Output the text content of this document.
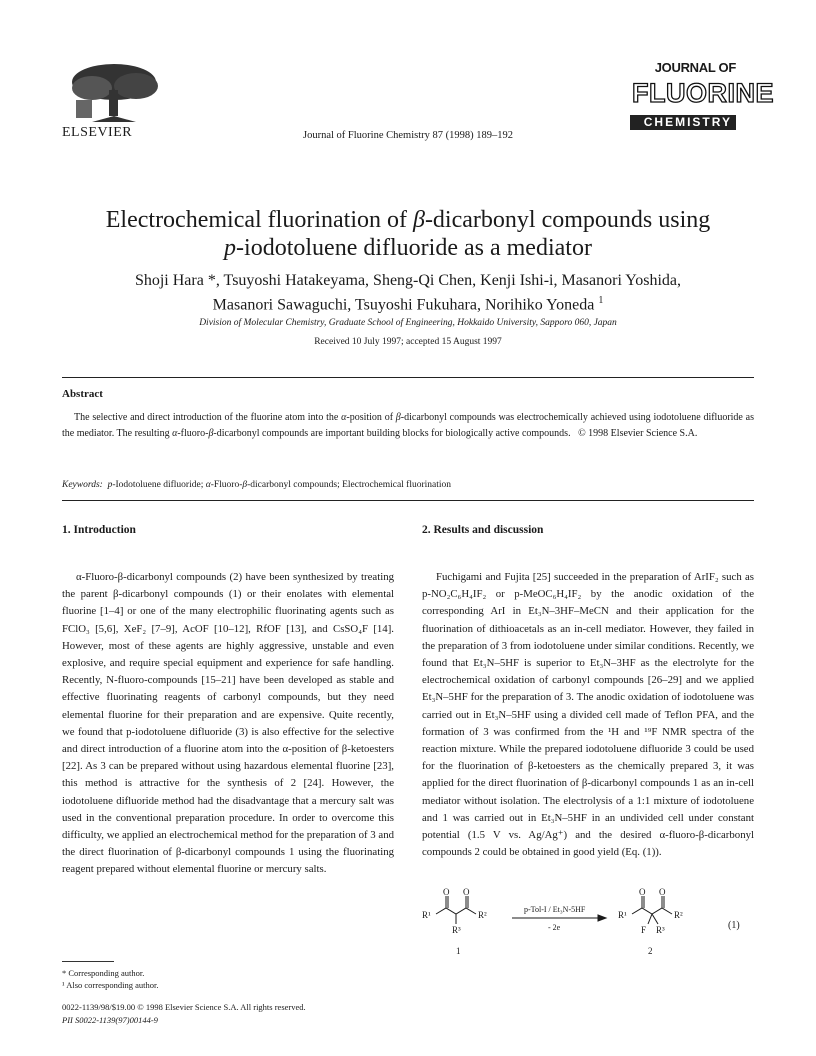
ELSEVIER	Journal of Fluorine Chemistry 87 (1998) 189–192
JOURNAL OF
FLUORINE
CHEMISTRY
Electrochemical fluorination of β-dicarbonyl compounds using
p-iodotoluene difluoride as a mediator
Shoji Hara *, Tsuyoshi Hatakeyama, Sheng-Qi Chen, Kenji Ishi-i, Masanori Yoshida,
Masanori Sawaguchi, Tsuyoshi Fukuhara, Norihiko Yoneda $^1$
Division of Molecular Chemistry, Graduate School of Engineering, Hokkaido University, Sapporo 060, Japan
Received 10 July 1997; accepted 15 August 1997
Abstract
The selective and direct introduction of the fluorine atom into the α-position of β-dicarbonyl compounds was electrochemically achieved using iodotoluene difluoride as the mediator. The resulting α-fluoro-β-dicarbonyl compounds are important building blocks for biologically active compounds. © 1998 Elsevier Science S.A.
Keywords: p-Iodotoluene difluoride; α-Fluoro-β-dicarbonyl compounds; Electrochemical fluorination
1. Introduction	2. Results and discussion

α-Fluoro-β-dicarbonyl compounds (2) have been synthesized by treating the parent β-dicarbonyl compounds (1) or their enolates with elemental fluorine [1–4] or one of the many electrophilic fluorinating agents such as FClO₃ [5,6], XeF₂ [7–9], AcOF [10–12], RfOF [13], and CsSO₄F [14]. However, most of these agents are highly aggressive, unstable and even explosive, and require special equipment and experience for safe handling. Recently, N-fluoro-compounds [15–21] have been developed as stable and effective fluorinating reagents of carbonyl compounds, but they need elemental fluorine for their preparation and are expensive. Quite recently, we found that p-iodotoluene difluoride (3) is also effective for the selective and direct introduction of a fluorine atom into the α-position of β-ketoesters [22]. As 3 can be prepared without using hazardous elemental fluorine [23], this method is attractive for the synthesis of 2 [24]. However, the iodotoluene difluoride method had the disadvantage that a mercury salt was used in the conventional preparation procedure. In order to overcome this difficulty, we applied an electrochemical method for the preparation of 3 and the direct fluorination of β-dicarbonyl compounds 1 using the fluorinating reagent prepared without elemental fluorine or mercury salts.

Fuchigami and Fujita [25] succeeded in the preparation of ArIF₂ such as p-NO₂C₆H₄IF₂ or p-MeOC₆H₄IF₂ by the anodic oxidation of the corresponding ArI in Et₃N–3HF–MeCN and their application for the fluorination of dithioacetals as an in-cell mediator. However, they failed in the preparation of 3 from iodotoluene under similar conditions. Recently, we found that Et₃N–5HF is superior to Et₃N–3HF as the electrolyte for the electrochemical oxidation of carbonyl compounds [26–29] and we applied Et₃N–5HF for the preparation of 3. The anodic oxidation of iodotoluene was carried out in Et₃N–5HF using a divided cell made of Teflon PFA, and the formation of 3 was confirmed from the ¹H and ¹⁹F NMR spectra of the reaction mixture. While the prepared iodotoluene difluoride 3 could be used for the fluorination of β-ketoesters as the chemically prepared 3, it was applied for the direct fluorination of β-dicarbonyl compounds 1 as an in-cell mediator without isolation. The electrolysis of a 1:1 mixture of iodotoluene and 1 was carried out in Et₃N–5HF in an undivided cell under constant potential (1.5 V vs. Ag/Ag⁺) and the desired α-fluoro-β-dicarbonyl compounds 2 could be obtained in good yield (Eq. (1)).

O O
R¹	R²
R³
1
p-Tol-I / Et₃N-5HF
- 2e
O O
R¹	R²
F R³
2
(1)
* Corresponding author.
¹ Also corresponding author.
0022-1139/98/$19.00 © 1998 Elsevier Science S.A. All rights reserved.
PII S0022-1139(97)00144-9
